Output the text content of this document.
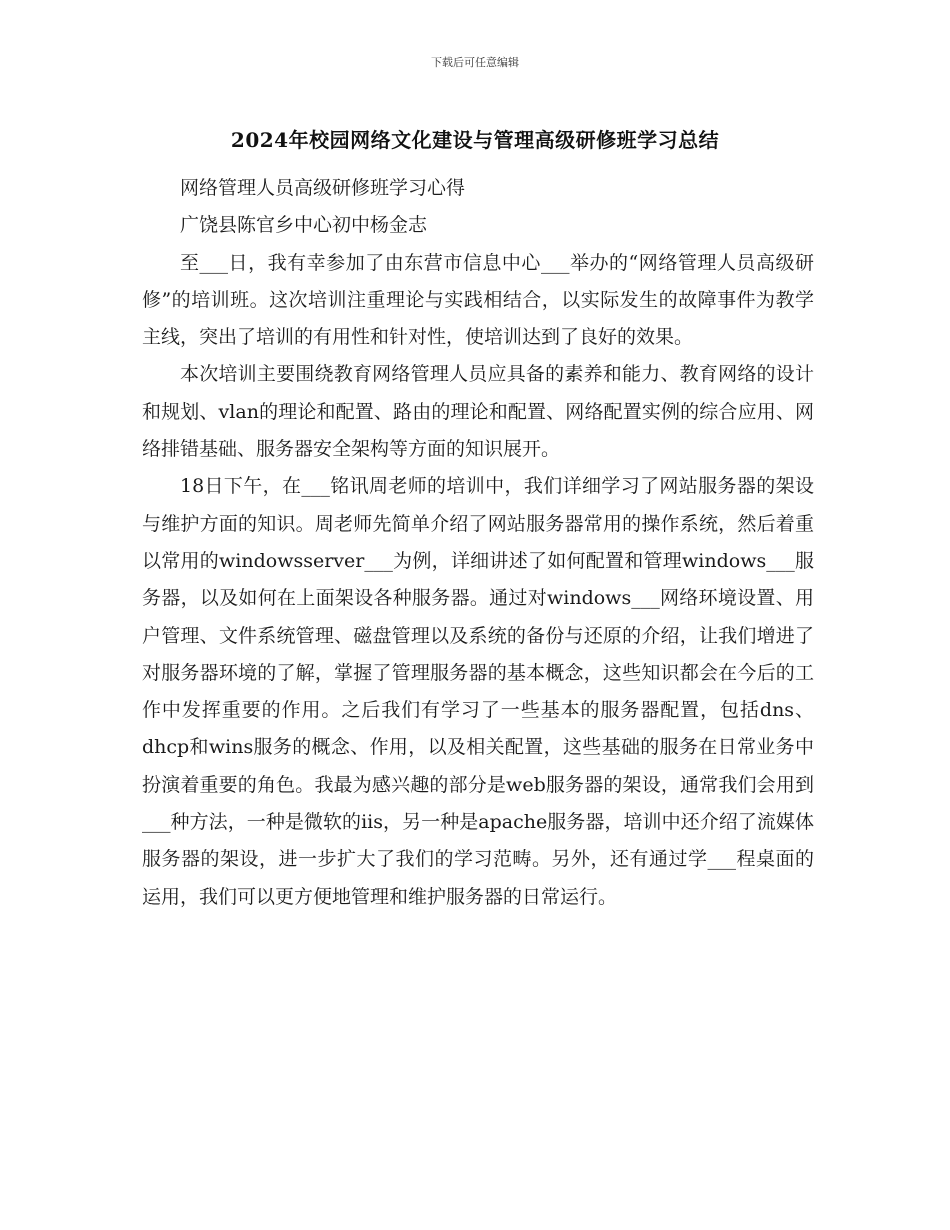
下载后可任意编辑
2024年校园网络文化建设与管理高级研修班学习总结

网络管理人员高级研修班学习心得

广饶县陈官乡中心初中杨金志

至___日，我有幸参加了由东营市信息中心___举办的“网络管理人员高级研修”的培训班。这次培训注重理论与实践相结合，以实际发生的故障事件为教学主线，突出了培训的有用性和针对性，使培训达到了良好的效果。

本次培训主要围绕教育网络管理人员应具备的素养和能力、教育网络的设计和规划、vlan的理论和配置、路由的理论和配置、网络配置实例的综合应用、网络排错基础、服务器安全架构等方面的知识展开。

18日下午，在___铭讯周老师的培训中，我们详细学习了网站服务器的架设与维护方面的知识。周老师先简单介绍了网站服务器常用的操作系统，然后着重以常用的windowsserver___为例，详细讲述了如何配置和管理windows___服务器，以及如何在上面架设各种服务器。通过对windows___网络环境设置、用户管理、文件系统管理、磁盘管理以及系统的备份与还原的介绍，让我们增进了对服务器环境的了解，掌握了管理服务器的基本概念，这些知识都会在今后的工作中发挥重要的作用。之后我们有学习了一些基本的服务器配置，包括dns、dhcp和wins服务的概念、作用，以及相关配置，这些基础的服务在日常业务中扮演着重要的角色。我最为感兴趣的部分是web服务器的架设，通常我们会用到___种方法，一种是微软的iis，另一种是apache服务器，培训中还介绍了流媒体服务器的架设，进一步扩大了我们的学习范畴。另外，还有通过学___程桌面的运用，我们可以更方便地管理和维护服务器的日常运行。
